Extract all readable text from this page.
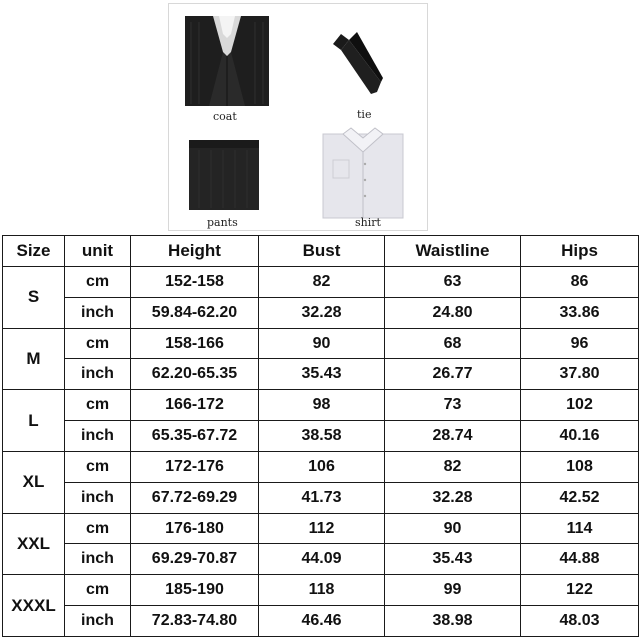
coat	tie
pants	shirt
Size	unit	Height	Bust	Waistline	Hips
S	cm	152-158	82	63	86
	inch	59.84-62.20	32.28	24.80	33.86
M	cm	158-166	90	68	96
	inch	62.20-65.35	35.43	26.77	37.80
L	cm	166-172	98	73	102
	inch	65.35-67.72	38.58	28.74	40.16
XL	cm	172-176	106	82	108
	inch	67.72-69.29	41.73	32.28	42.52
XXL	cm	176-180	112	90	114
	inch	69.29-70.87	44.09	35.43	44.88
XXXL	cm	185-190	118	99	122
	inch	72.83-74.80	46.46	38.98	48.03
